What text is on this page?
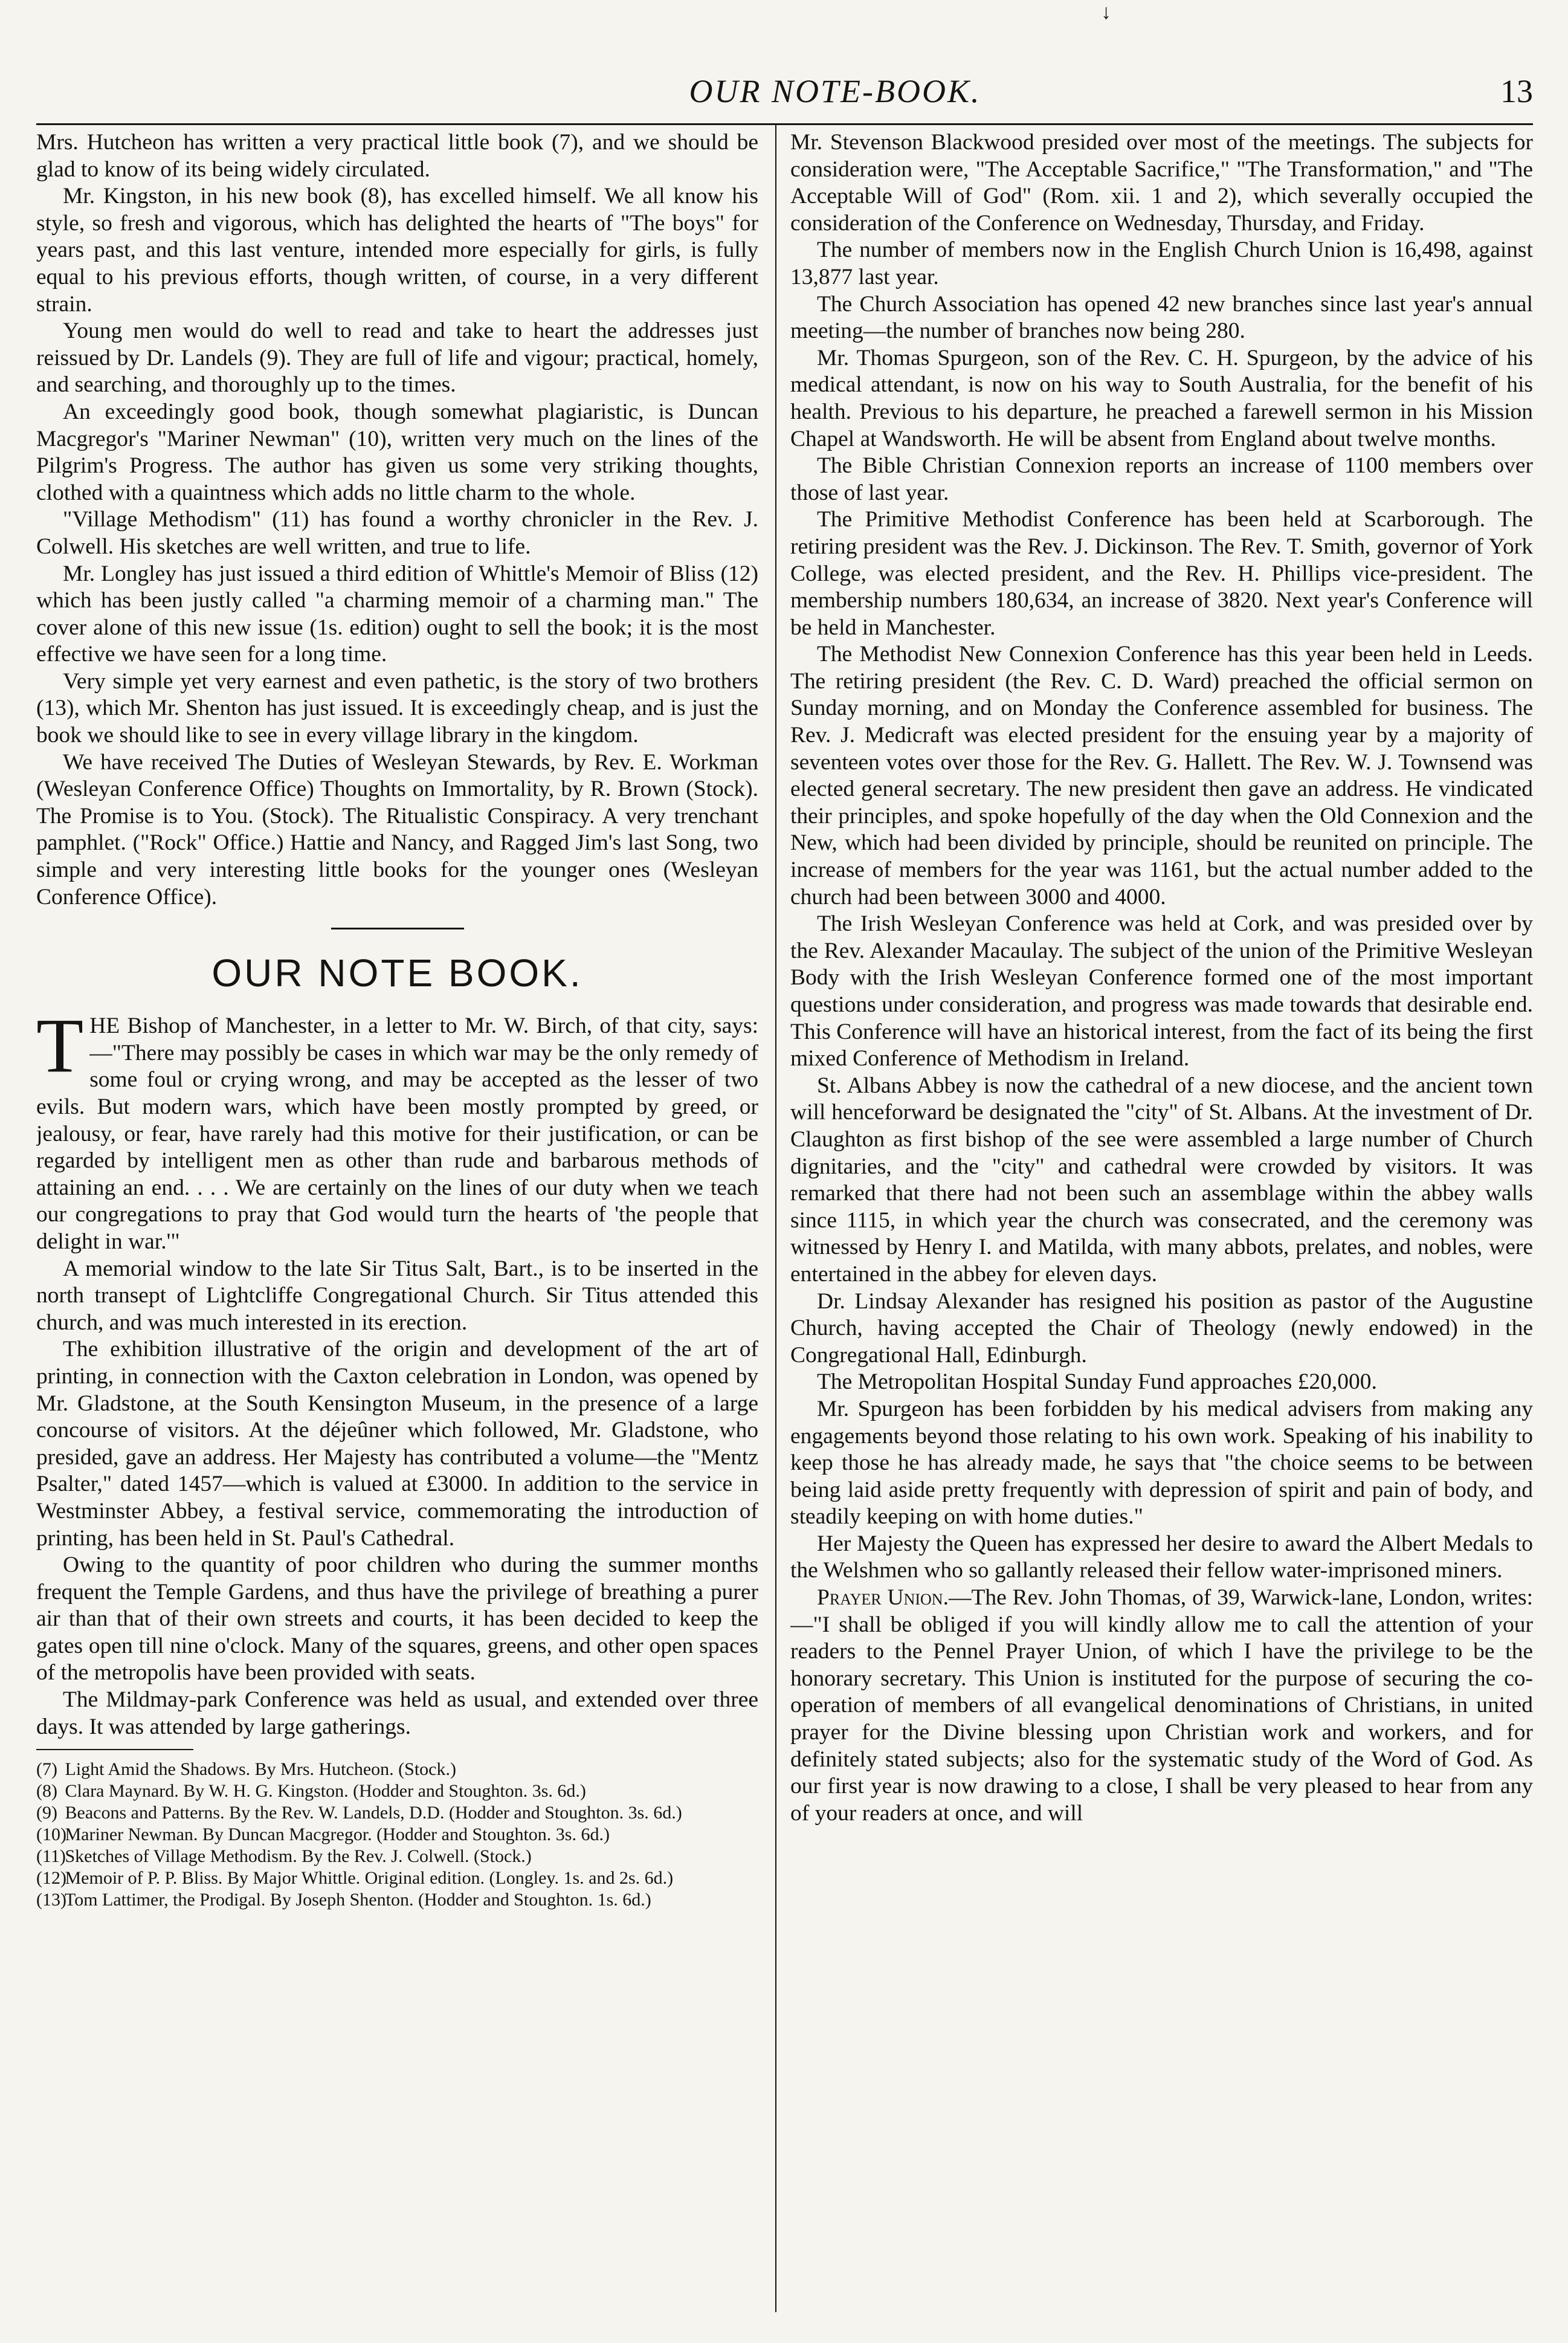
↓
OUR NOTE-BOOK.	13

Mrs. Hutcheon has written a very practical little book (7), and we should be glad to know of its being widely circulated.

Mr. Kingston, in his new book (8), has excelled himself. We all know his style, so fresh and vigorous, which has delighted the hearts of "The boys" for years past, and this last venture, intended more especially for girls, is fully equal to his previous efforts, though written, of course, in a very different strain.

Young men would do well to read and take to heart the addresses just reissued by Dr. Landels (9). They are full of life and vigour; practical, homely, and searching, and thoroughly up to the times.

An exceedingly good book, though somewhat plagiaristic, is Duncan Macgregor's "Mariner Newman" (10), written very much on the lines of the Pilgrim's Progress. The author has given us some very striking thoughts, clothed with a quaintness which adds no little charm to the whole.

"Village Methodism" (11) has found a worthy chronicler in the Rev. J. Colwell. His sketches are well written, and true to life.

Mr. Longley has just issued a third edition of Whittle's Memoir of Bliss (12) which has been justly called "a charming memoir of a charming man." The cover alone of this new issue (1s. edition) ought to sell the book; it is the most effective we have seen for a long time.

Very simple yet very earnest and even pathetic, is the story of two brothers (13), which Mr. Shenton has just issued. It is exceedingly cheap, and is just the book we should like to see in every village library in the kingdom.

We have received The Duties of Wesleyan Stewards, by Rev. E. Workman (Wesleyan Conference Office) Thoughts on Immortality, by R. Brown (Stock). The Promise is to You. (Stock). The Ritualistic Conspiracy. A very trenchant pamphlet. ("Rock" Office.) Hattie and Nancy, and Ragged Jim's last Song, two simple and very interesting little books for the younger ones (Wesleyan Conference Office).

OUR NOTE BOOK.

THE Bishop of Manchester, in a letter to Mr. W. Birch, of that city, says:—"There may possibly be cases in which war may be the only remedy of some foul or crying wrong, and may be accepted as the lesser of two evils. But modern wars, which have been mostly prompted by greed, or jealousy, or fear, have rarely had this motive for their justification, or can be regarded by intelligent men as other than rude and barbarous methods of attaining an end. . . . We are certainly on the lines of our duty when we teach our congregations to pray that God would turn the hearts of 'the people that delight in war.'"

A memorial window to the late Sir Titus Salt, Bart., is to be inserted in the north transept of Lightcliffe Congregational Church. Sir Titus attended this church, and was much interested in its erection.

The exhibition illustrative of the origin and development of the art of printing, in connection with the Caxton celebration in London, was opened by Mr. Gladstone, at the South Kensington Museum, in the presence of a large concourse of visitors. At the déjeûner which followed, Mr. Gladstone, who presided, gave an address. Her Majesty has contributed a volume—the "Mentz Psalter," dated 1457—which is valued at £3000. In addition to the service in Westminster Abbey, a festival service, commemorating the introduction of printing, has been held in St. Paul's Cathedral.

Owing to the quantity of poor children who during the summer months frequent the Temple Gardens, and thus have the privilege of breathing a purer air than that of their own streets and courts, it has been decided to keep the gates open till nine o'clock. Many of the squares, greens, and other open spaces of the metropolis have been provided with seats.

The Mildmay-park Conference was held as usual, and extended over three days. It was attended by large gatherings.

(7) Light Amid the Shadows. By Mrs. Hutcheon. (Stock.)

(8) Clara Maynard. By W. H. G. Kingston. (Hodder and Stoughton. 3s. 6d.)

(9) Beacons and Patterns. By the Rev. W. Landels, D.D. (Hodder and Stoughton. 3s. 6d.)

(10) Mariner Newman. By Duncan Macgregor. (Hodder and Stoughton. 3s. 6d.)

(11) Sketches of Village Methodism. By the Rev. J. Colwell. (Stock.)

(12) Memoir of P. P. Bliss. By Major Whittle. Original edition. (Longley. 1s. and 2s. 6d.)

(13) Tom Lattimer, the Prodigal. By Joseph Shenton. (Hodder and Stoughton. 1s. 6d.)

Mr. Stevenson Blackwood presided over most of the meetings. The subjects for consideration were, "The Acceptable Sacrifice," "The Transformation," and "The Acceptable Will of God" (Rom. xii. 1 and 2), which severally occupied the consideration of the Conference on Wednesday, Thursday, and Friday.

The number of members now in the English Church Union is 16,498, against 13,877 last year.

The Church Association has opened 42 new branches since last year's annual meeting—the number of branches now being 280.

Mr. Thomas Spurgeon, son of the Rev. C. H. Spurgeon, by the advice of his medical attendant, is now on his way to South Australia, for the benefit of his health. Previous to his departure, he preached a farewell sermon in his Mission Chapel at Wandsworth. He will be absent from England about twelve months.

The Bible Christian Connexion reports an increase of 1100 members over those of last year.

The Primitive Methodist Conference has been held at Scarborough. The retiring president was the Rev. J. Dickinson. The Rev. T. Smith, governor of York College, was elected president, and the Rev. H. Phillips vice-president. The membership numbers 180,634, an increase of 3820. Next year's Conference will be held in Manchester.

The Methodist New Connexion Conference has this year been held in Leeds. The retiring president (the Rev. C. D. Ward) preached the official sermon on Sunday morning, and on Monday the Conference assembled for business. The Rev. J. Medicraft was elected president for the ensuing year by a majority of seventeen votes over those for the Rev. G. Hallett. The Rev. W. J. Townsend was elected general secretary. The new president then gave an address. He vindicated their principles, and spoke hopefully of the day when the Old Connexion and the New, which had been divided by principle, should be reunited on principle. The increase of members for the year was 1161, but the actual number added to the church had been between 3000 and 4000.

The Irish Wesleyan Conference was held at Cork, and was presided over by the Rev. Alexander Macaulay. The subject of the union of the Primitive Wesleyan Body with the Irish Wesleyan Conference formed one of the most important questions under consideration, and progress was made towards that desirable end. This Conference will have an historical interest, from the fact of its being the first mixed Conference of Methodism in Ireland.

St. Albans Abbey is now the cathedral of a new diocese, and the ancient town will henceforward be designated the "city" of St. Albans. At the investment of Dr. Claughton as first bishop of the see were assembled a large number of Church dignitaries, and the "city" and cathedral were crowded by visitors. It was remarked that there had not been such an assemblage within the abbey walls since 1115, in which year the church was consecrated, and the ceremony was witnessed by Henry I. and Matilda, with many abbots, prelates, and nobles, were entertained in the abbey for eleven days.

Dr. Lindsay Alexander has resigned his position as pastor of the Augustine Church, having accepted the Chair of Theology (newly endowed) in the Congregational Hall, Edinburgh.

The Metropolitan Hospital Sunday Fund approaches £20,000.

Mr. Spurgeon has been forbidden by his medical advisers from making any engagements beyond those relating to his own work. Speaking of his inability to keep those he has already made, he says that "the choice seems to be between being laid aside pretty frequently with depression of spirit and pain of body, and steadily keeping on with home duties."

Her Majesty the Queen has expressed her desire to award the Albert Medals to the Welshmen who so gallantly released their fellow water-imprisoned miners.

Prayer Union.—The Rev. John Thomas, of 39, Warwick-lane, London, writes:—"I shall be obliged if you will kindly allow me to call the attention of your readers to the Pennel Prayer Union, of which I have the privilege to be the honorary secretary. This Union is instituted for the purpose of securing the co-operation of members of all evangelical denominations of Christians, in united prayer for the Divine blessing upon Christian work and workers, and for definitely stated subjects; also for the systematic study of the Word of God. As our first year is now drawing to a close, I shall be very pleased to hear from any of your readers at once, and will
